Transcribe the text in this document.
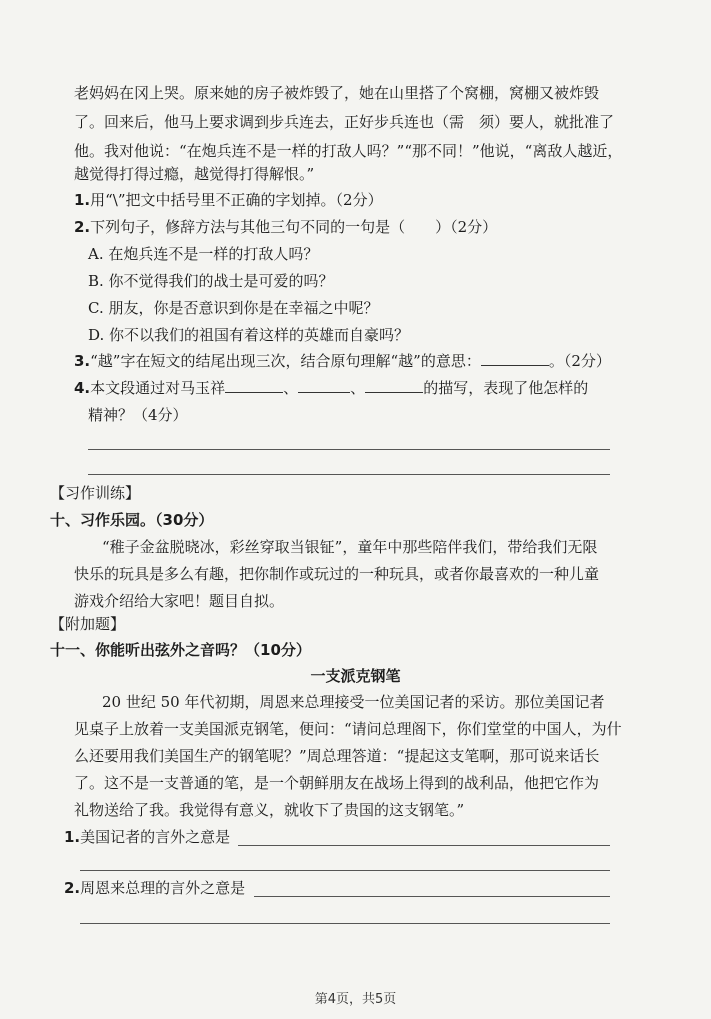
老妈妈在冈上哭。原来她的房子被炸毁了，她在山里搭了个窝棚，窝棚又被炸毁
了。回来后，他马上要求调到步兵连去，正好步兵连也（需　须）要人，就批准了
他。我对他说：“在炮兵连不是一样的打敌人吗？”“那不同！”他说，“离敌人越近，
越觉得打得过瘾，越觉得打得解恨。”
1.用“\”把文中括号里不正确的字划掉。（2分）
2.下列句子，修辞方法与其他三句不同的一句是（　　）（2分）
A. 在炮兵连不是一样的打敌人吗？
B. 你不觉得我们的战士是可爱的吗？
C. 朋友，你是否意识到你是在幸福之中呢？
D. 你不以我们的祖国有着这样的英雄而自豪吗？
3.“越”字在短文的结尾出现三次，结合原句理解“越”的意思：	。（2分）
4.本文段通过对马玉祥	、	、	的描写，表现了他怎样的
精神？（4分）
【习作训练】
十、习作乐园。（30分）
“稚子金盆脱晓冰，彩丝穿取当银钲”，童年中那些陪伴我们，带给我们无限
快乐的玩具是多么有趣，把你制作或玩过的一种玩具，或者你最喜欢的一种儿童
游戏介绍给大家吧！题目自拟。
【附加题】
十一、你能听出弦外之音吗？（10分）
一支派克钢笔
20 世纪 50 年代初期，周恩来总理接受一位美国记者的采访。那位美国记者
见桌子上放着一支美国派克钢笔，便问：“请问总理阁下，你们堂堂的中国人，为什
么还要用我们美国生产的钢笔呢？”周总理答道：“提起这支笔啊，那可说来话长
了。这不是一支普通的笔，是一个朝鲜朋友在战场上得到的战利品，他把它作为
礼物送给了我。我觉得有意义，就收下了贵国的这支钢笔。”
1.美国记者的言外之意是
2.周恩来总理的言外之意是
第4页，共5页
